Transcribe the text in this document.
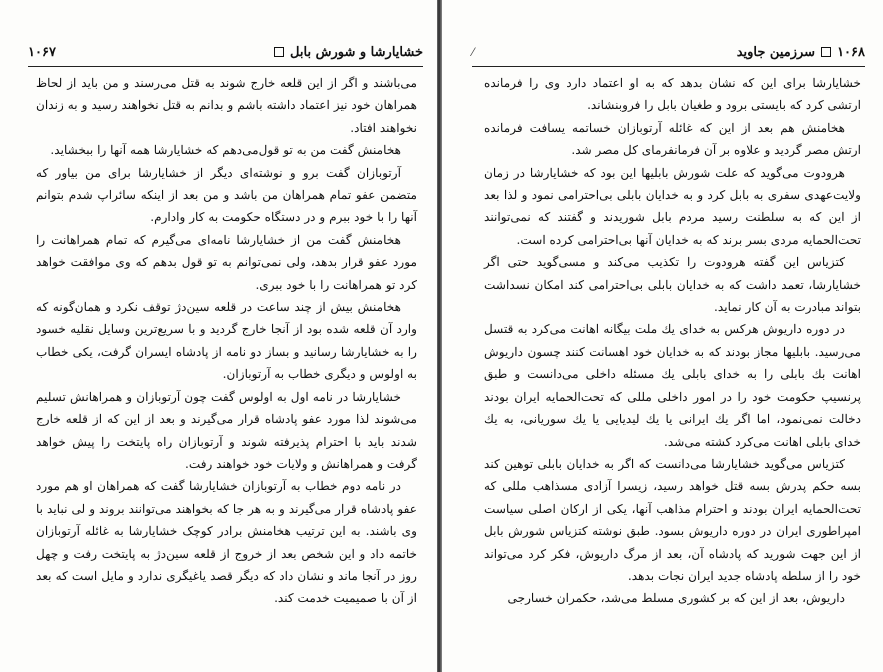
خشایارشا و شورش بابل
۱۰۶۷

می‌باشند و اگر از این قلعه خارج شوند به قتل می‌رسند و من باید از لحاظ همراهان خود نیز اعتماد داشته باشم و بدانم به قتل نخواهند رسید و به زندان نخواهند افتاد.

هخامنش گفت من به تو قول‌می‌دهم که خشایارشا همه آنها را ببخشاید.

آرتوبازان گفت برو و نوشته‌ای دیگر از خشایارشا برای من بیاور که متضمن عفو تمام همراهان من باشد و من بعد از اینکه سائراپ شدم بتوانم آنها را با خود ببرم و در دستگاه حکومت به کار وادارم.

هخامنش گفت من از خشایارشا نامه‌ای می‌گیرم که تمام همراهانت را مورد عفو قرار بدهد، ولی نمی‌توانم به تو قول بدهم که وی موافقت خواهد کرد تو همراهانت را با خود ببری.

هخامنش بیش از چند ساعت در قلعه سین‌دژ توقف نکرد و همان‌گونه که وارد آن قلعه شده بود از آنجا خارج گردید و با سریع‌ترین وسایل نقلیه خسود را به خشایارشا رسانید و بساز دو نامه از پادشاه ایسران گرفت، یکی خطاب به اولوس و دیگری خطاب به آرتوبازان.

خشایارشا در نامه اول به اولوس گفت چون آرتوبازان و همراهانش تسلیم می‌شوند لذا مورد عفو پادشاه قرار می‌گیرند و بعد از این که از قلعه خارج شدند باید با احترام پذیرفته شوند و آرتوبازان راه پایتخت را پیش خواهد گرفت و همراهانش و ولایات خود خواهند رفت.

در نامه دوم خطاب به آرتوبازان خشایارشا گفت که همراهان او هم مورد عفو پادشاه قرار می‌گیرند و به هر جا که بخواهند می‌توانند بروند و لی نباید با وی باشند. به این ترتیب هخامنش برادر کوچک خشایارشا به غائله آرتوبازان خاتمه داد و این شخص بعد از خروج از قلعه سین‌دژ به پایتخت رفت و چهل روز در آنجا ماند و نشان داد که دیگر قصد یاغیگری ندارد و مایل است که بعد از آن با صمیمیت خدمت کند.

۱۰۶۸سرزمین جاوید
⁄

خشایارشا برای این که نشان بدهد که به او اعتماد دارد وی را فرمانده ارتشی کرد که بایستی برود و طغیان بابل را فروبنشاند.

هخامنش هم بعد از این که غائله آرتوبازان خساتمه یسافت فرمانده ارتش مصر گردید و علاوه بر آن فرمانفرمای کل مصر شد.

هرودوت می‌گوید که علت شورش بابلیها این بود که خشایارشا در زمان ولایت‌عهدی سفری به بابل کرد و به خدایان بابلی بی‌احترامی نمود و لذا بعد از این که به سلطنت رسید مردم بابل شوریدند و گفتند که نمی‌توانند تحت‌الحمایه مردی بسر برند که به خدایان آنها بی‌احترامی کرده است.

کتزیاس این گفته هرودوت را تکذیب می‌کند و مسی‌گوید حتی اگر خشایارشا، تعمد داشت که به خدایان بابلی بی‌احترامی کند امکان نسداشت بتواند مبادرت به آن کار نماید.

در دوره داریوش هرکس به خدای یك ملت بیگانه اهانت می‌کرد به قتسل می‌رسید. بابلیها مجاز بودند که به خدایان خود اهسانت کنند چسون داریوش اهانت بك بابلی را به خدای بابلی یك مسئله داخلی می‌دانست و طبق پرنسیپ حکومت خود را در امور داخلی مللی که تحت‌الحمایه ایران بودند دخالت نمی‌نمود، اما اگر یك ایرانی یا یك لیدیایی یا یك سوریانی، به یك خدای بابلی اهانت می‌کرد کشته می‌شد.

کتزیاس می‌گوید خشایارشا می‌دانست که اگر به خدایان بابلی توهین کند بسه حکم پدرش بسه قتل خواهد رسید، زیسرا آزادی مسذاهب مللی که تحت‌الحمایه ایران بودند و احترام مذاهب آنها، یکی از ارکان اصلی سیاست امپراطوری ایران در دوره داریوش بسود. طبق نوشته کتزیاس شورش بابل از این جهت شورید که پادشاه آن، بعد از مرگ داریوش، فکر کرد می‌تواند خود را از سلطه پادشاه جدید ایران نجات بدهد.

داریوش، بعد از این که بر کشوری مسلط می‌شد، حکمران خسارجی
